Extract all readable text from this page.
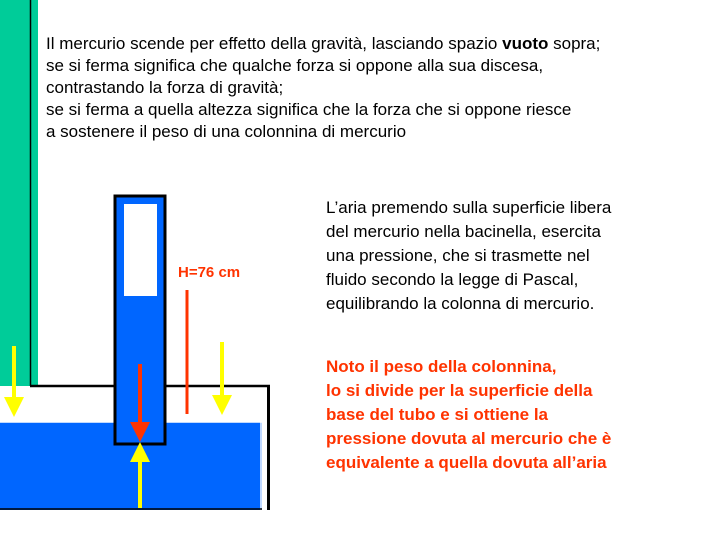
Il mercurio scende per effetto della gravità, lasciando spazio vuoto sopra;
se si ferma significa che qualche forza si oppone alla sua discesa,
contrastando la forza di gravità;
se si ferma a quella altezza significa che la forza che si oppone riesce
a sostenere il peso di una colonnina di mercurio

L’aria premendo sulla superficie libera
del mercurio nella bacinella, esercita
una pressione, che si trasmette nel
fluido secondo la legge di Pascal,
equilibrando la colonna di mercurio.

Noto il peso della colonnina,
lo si divide per la superficie della
base del tubo e si ottiene la
pressione dovuta al mercurio che è
equivalente a quella dovuta all’aria

H=76 cm
